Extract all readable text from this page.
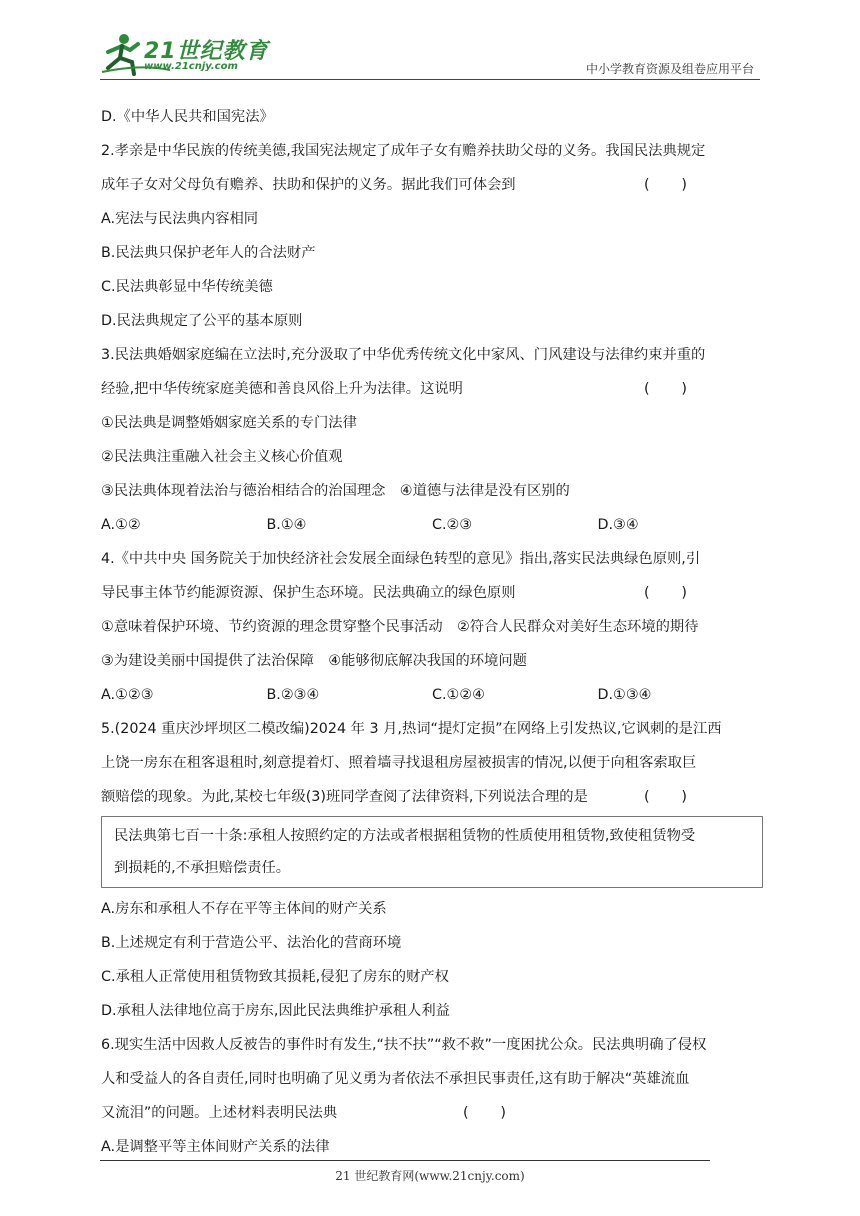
21世纪教育
www.21cnjy.com	中小学教育资源及组卷应用平台
D.《中华人民共和国宪法》
2.孝亲是中华民族的传统美德,我国宪法规定了成年子女有赡养扶助父母的义务。我国民法典规定
成年子女对父母负有赡养、扶助和保护的义务。据此我们可体会到	(       )
A.宪法与民法典内容相同
B.民法典只保护老年人的合法财产
C.民法典彰显中华传统美德
D.民法典规定了公平的基本原则
3.民法典婚姻家庭编在立法时,充分汲取了中华优秀传统文化中家风、门风建设与法律约束并重的
经验,把中华传统家庭美德和善良风俗上升为法律。这说明	(       )
①民法典是调整婚姻家庭关系的专门法律
②民法典注重融入社会主义核心价值观
③民法典体现着法治与德治相结合的治国理念　④道德与法律是没有区别的
A.①②	B.①④	C.②③	D.③④
4.《中共中央 国务院关于加快经济社会发展全面绿色转型的意见》指出,落实民法典绿色原则,引
导民事主体节约能源资源、保护生态环境。民法典确立的绿色原则	(       )
①意味着保护环境、节约资源的理念贯穿整个民事活动　②符合人民群众对美好生态环境的期待
③为建设美丽中国提供了法治保障　④能够彻底解决我国的环境问题
A.①②③	B.②③④	C.①②④	D.①③④
5.(2024 重庆沙坪坝区二模改编)2024 年 3 月,热词“提灯定损”在网络上引发热议,它讽刺的是江西
上饶一房东在租客退租时,刻意提着灯、照着墙寻找退租房屋被损害的情况,以便于向租客索取巨
额赔偿的现象。为此,某校七年级(3)班同学查阅了法律资料,下列说法合理的是	(       )
民法典第七百一十条:承租人按照约定的方法或者根据租赁物的性质使用租赁物,致使租赁物受
到损耗的,不承担赔偿责任。
A.房东和承租人不存在平等主体间的财产关系
B.上述规定有利于营造公平、法治化的营商环境
C.承租人正常使用租赁物致其损耗,侵犯了房东的财产权
D.承租人法律地位高于房东,因此民法典维护承租人利益
6.现实生活中因救人反被告的事件时有发生,“扶不扶”“救不救”一度困扰公众。民法典明确了侵权
人和受益人的各自责任,同时也明确了见义勇为者依法不承担民事责任,这有助于解决“英雄流血
又流泪”的问题。上述材料表明民法典	(       )
A.是调整平等主体间财产关系的法律
21 世纪教育网(www.21cnjy.com)
